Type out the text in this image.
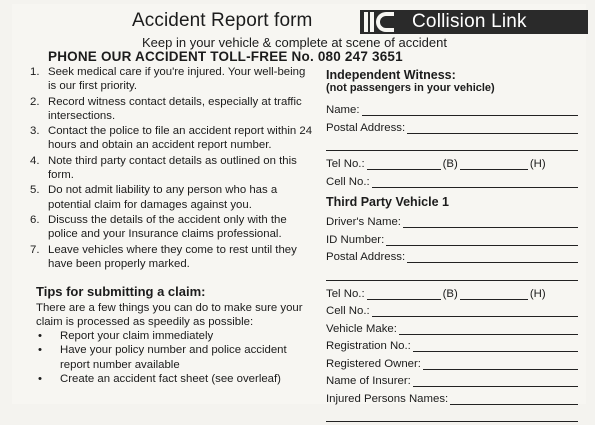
Accident Report form	Collision Link
Keep in your vehicle & complete at scene of accident
PHONE OUR ACCIDENT TOLL-FREE No. 080 247 3651
1. Seek medical care if you're injured. Your well-being is our first priority.
2. Record witness contact details, especially at traffic intersections.
3. Contact the police to file an accident report within 24 hours and obtain an accident report number.
4. Note third party contact details as outlined on this form.
5. Do not admit liability to any person who has a potential claim for damages against you.
6. Discuss the details of the accident only with the police and your Insurance claims professional.
7. Leave vehicles where they come to rest until they have been properly marked.
Tips for submitting a claim:
There are a few things you can do to make sure your claim is processed as speedily as possible:
•	Report your claim immediately
•	Have your policy number and police accident report number available
•	Create an accident fact sheet (see overleaf)
Independent Witness:
(not passengers in your vehicle)
Name:
Postal Address:
Tel No.:	(B)	(H)
Cell No.:
Third Party Vehicle 1
Driver's Name:
ID Number:
Postal Address:
Tel No.:	(B)	(H)
Cell No.:
Vehicle Make:
Registration No.:
Registered Owner:
Name of Insurer:
Injured Persons Names:
